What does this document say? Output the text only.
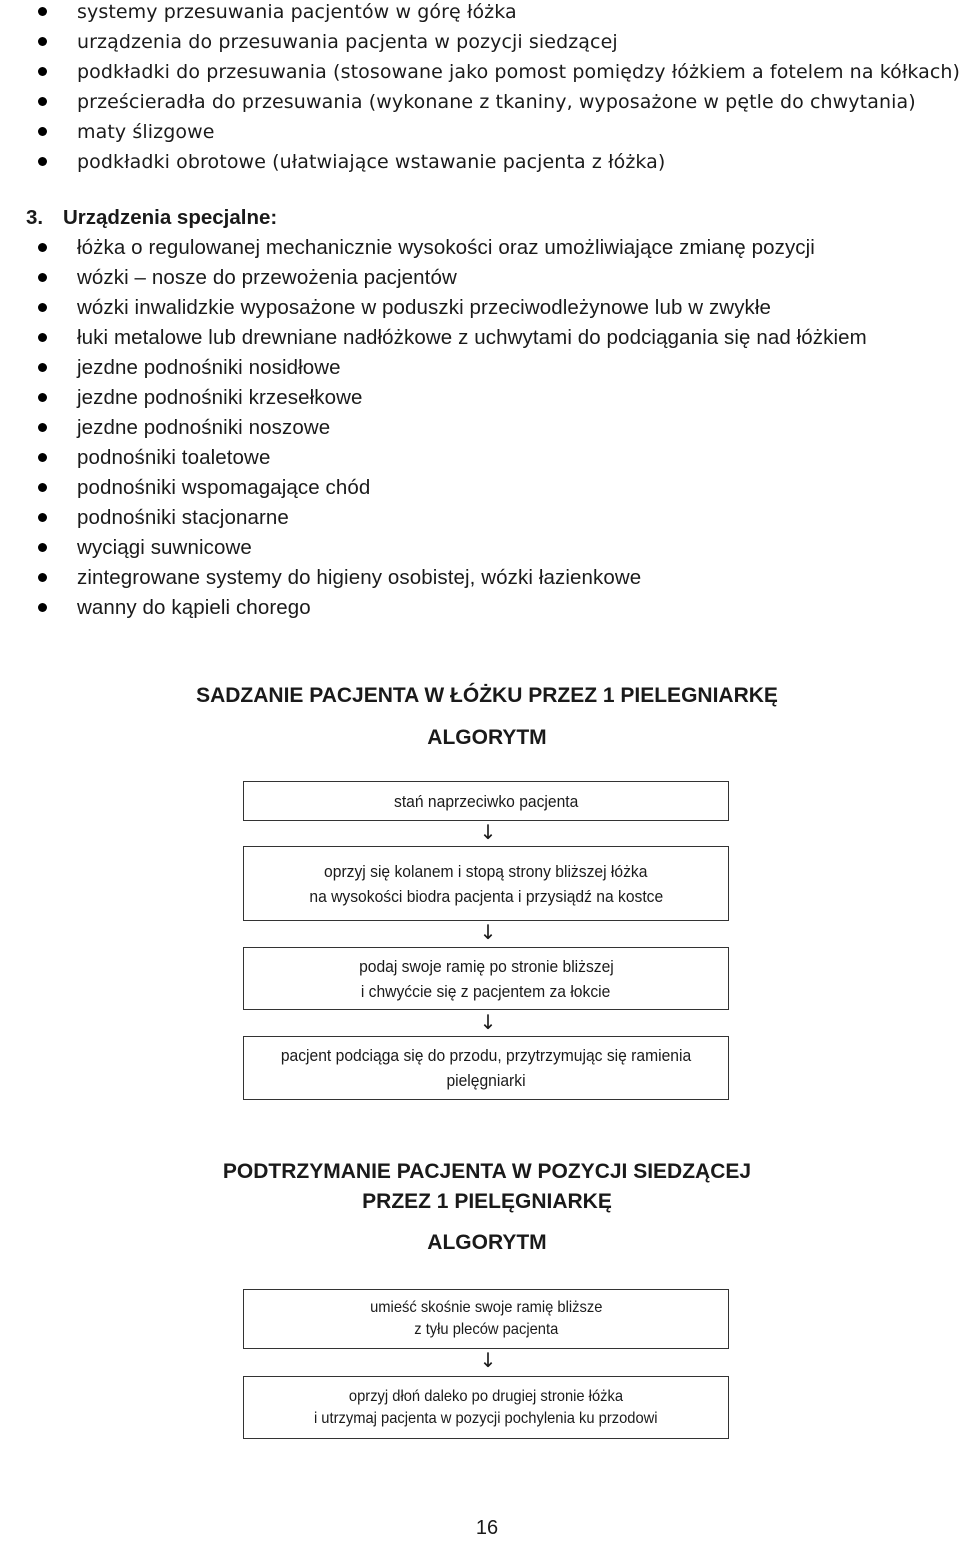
systemy przesuwania pacjentów w górę łóżka
urządzenia do przesuwania pacjenta w pozycji siedzącej
podkładki do przesuwania (stosowane jako pomost pomiędzy łóżkiem a fotelem na kółkach)
prześcieradła do przesuwania (wykonane z tkaniny, wyposażone w pętle do chwytania)
maty ślizgowe
podkładki obrotowe (ułatwiające wstawanie pacjenta z łóżka)
3. Urządzenia specjalne:
łóżka o regulowanej mechanicznie wysokości oraz umożliwiające zmianę pozycji
wózki – nosze do przewożenia pacjentów
wózki inwalidzkie wyposażone w poduszki przeciwodleżynowe lub w zwykłe
łuki metalowe lub drewniane nadłóżkowe z uchwytami do podciągania się nad łóżkiem
jezdne podnośniki nosidłowe
jezdne podnośniki krzesełkowe
jezdne podnośniki noszowe
podnośniki toaletowe
podnośniki wspomagające chód
podnośniki stacjonarne
wyciągi suwnicowe
zintegrowane systemy do higieny osobistej, wózki łazienkowe
wanny do kąpieli chorego
SADZANIE PACJENTA W ŁÓŻKU PRZEZ 1 PIELEGNIARKĘ
ALGORYTM
stań naprzeciwko pacjenta
↓
oprzyj się kolanem i stopą strony bliższej łóżka
na wysokości biodra pacjenta i przysiądź na kostce
↓
podaj swoje ramię po stronie bliższej
i chwyćcie się z pacjentem za łokcie
↓
pacjent podciąga się do przodu, przytrzymując się ramienia
pielęgniarki
PODTRZYMANIE PACJENTA W POZYCJI SIEDZĄCEJ
PRZEZ 1 PIELĘGNIARKĘ
ALGORYTM
umieść skośnie swoje ramię bliższe
z tyłu pleców pacjenta
↓
oprzyj dłoń daleko po drugiej stronie łóżka
i utrzymaj pacjenta w pozycji pochylenia ku przodowi
16
